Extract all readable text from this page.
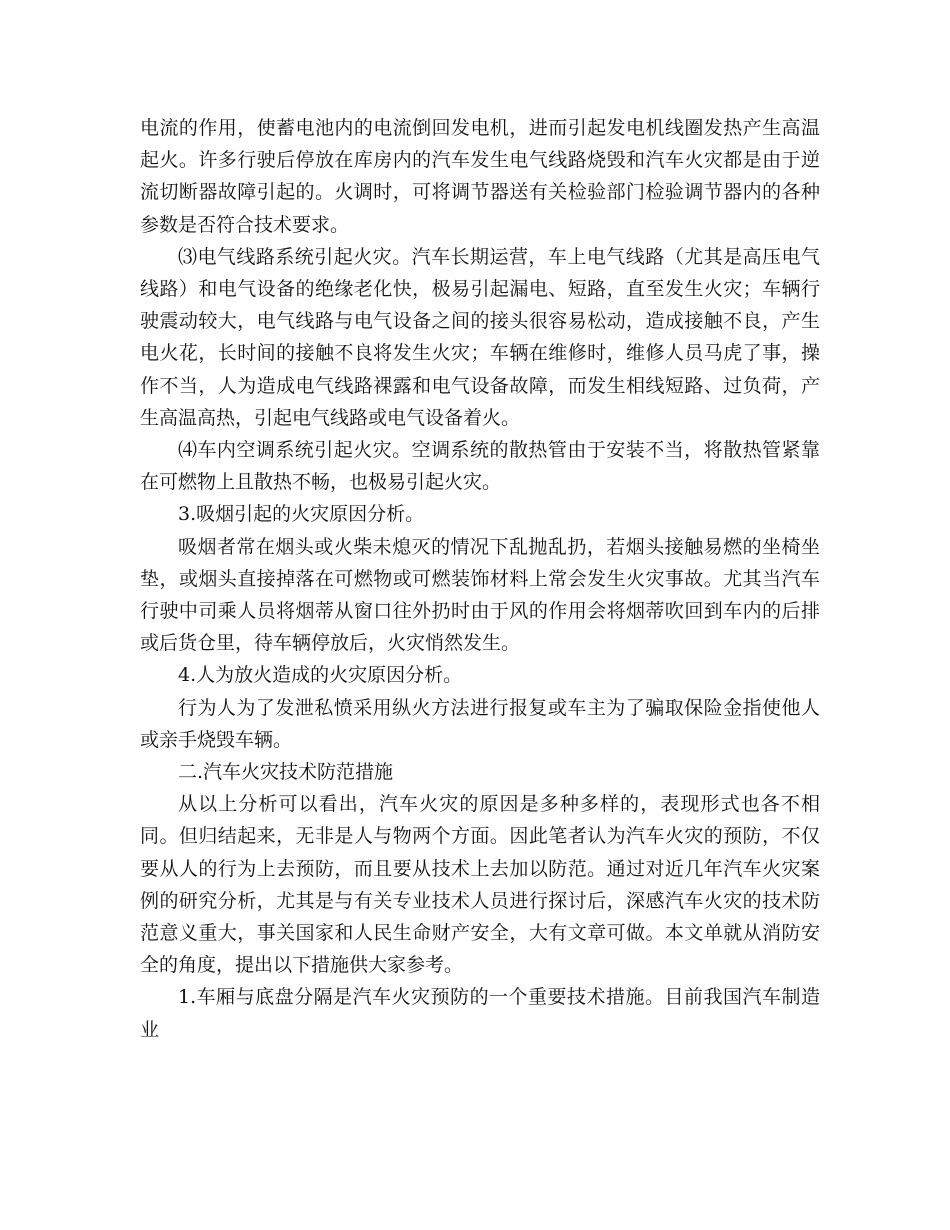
电流的作用，使蓄电池内的电流倒回发电机，进而引起发电机线圈发热产生高温起火。许多行驶后停放在库房内的汽车发生电气线路烧毁和汽车火灾都是由于逆流切断器故障引起的。火调时，可将调节器送有关检验部门检验调节器内的各种参数是否符合技术要求。

⑶电气线路系统引起火灾。汽车长期运营，车上电气线路（尤其是高压电气线路）和电气设备的绝缘老化快，极易引起漏电、短路，直至发生火灾；车辆行驶震动较大，电气线路与电气设备之间的接头很容易松动，造成接触不良，产生电火花，长时间的接触不良将发生火灾；车辆在维修时，维修人员马虎了事，操作不当，人为造成电气线路裸露和电气设备故障，而发生相线短路、过负荷，产生高温高热，引起电气线路或电气设备着火。

⑷车内空调系统引起火灾。空调系统的散热管由于安装不当，将散热管紧靠在可燃物上且散热不畅，也极易引起火灾。

3.吸烟引起的火灾原因分析。

吸烟者常在烟头或火柴未熄灭的情况下乱抛乱扔，若烟头接触易燃的坐椅坐垫，或烟头直接掉落在可燃物或可燃装饰材料上常会发生火灾事故。尤其当汽车行驶中司乘人员将烟蒂从窗口往外扔时由于风的作用会将烟蒂吹回到车内的后排或后货仓里，待车辆停放后，火灾悄然发生。

4.人为放火造成的火灾原因分析。

行为人为了发泄私愤采用纵火方法进行报复或车主为了骗取保险金指使他人或亲手烧毁车辆。

二.汽车火灾技术防范措施

从以上分析可以看出，汽车火灾的原因是多种多样的，表现形式也各不相同。但归结起来，无非是人与物两个方面。因此笔者认为汽车火灾的预防，不仅要从人的行为上去预防，而且要从技术上去加以防范。通过对近几年汽车火灾案例的研究分析，尤其是与有关专业技术人员进行探讨后，深感汽车火灾的技术防范意义重大，事关国家和人民生命财产安全，大有文章可做。本文单就从消防安全的角度，提出以下措施供大家参考。

1.车厢与底盘分隔是汽车火灾预防的一个重要技术措施。目前我国汽车制造业
